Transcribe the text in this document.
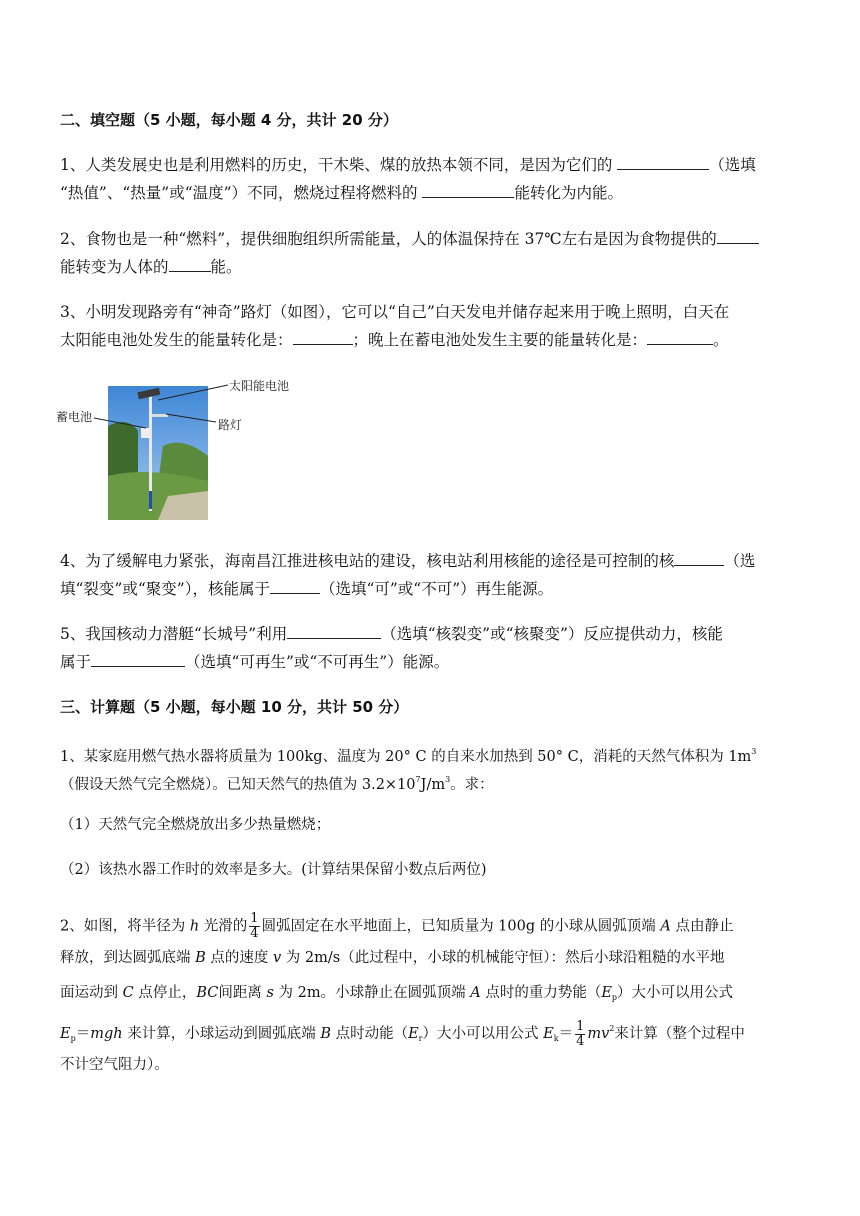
二、填空题（5 小题，每小题 4 分，共计 20 分）
1、人类发展史也是利用燃料的历史，干木柴、煤的放热本领不同，是因为它们的	（选填
“热值”、“热量”或“温度”）不同，燃烧过程将燃料的	能转化为内能。
2、食物也是一种“燃料”，提供细胞组织所需能量，人的体温保持在 37℃左右是因为食物提供的
能转变为人体的	能。
3、小明发现路旁有“神奇”路灯（如图），它可以“自己”白天发电并储存起来用于晚上照明，白天在
太阳能电池处发生的能量转化是：	；晚上在蓄电池处发生主要的能量转化是：	。
太阳能电池
蓄电池
路灯
4、为了缓解电力紧张，海南昌江推进核电站的建设，核电站利用核能的途径是可控制的核	（选
填“裂变”或“聚变”），核能属于	（选填“可”或“不可”）再生能源。
5、我国核动力潜艇“长城号”利用	（选填“核裂变”或“核聚变”）反应提供动力，核能
属于	（选填“可再生”或“不可再生”）能源。
三、计算题（5 小题，每小题 10 分，共计 50 分）
1、某家庭用燃气热水器将质量为 100kg、温度为 20° C 的自来水加热到 50° C，消耗的天然气体积为 $1m^3$
（假设天然气完全燃烧）。已知天然气的热值为 $3.2\times 10^7J/m^3$。求：
（1）天然气完全燃烧放出多少热量燃烧；
（2）该热水器工作时的效率是多大。(计算结果保留小数点后两位)
2、如图，将半径为 h 光滑的 $\frac{1}{4}$ 圆弧固定在水平地面上，已知质量为 100g 的小球从圆弧顶端 A 点由静止
释放，到达圆弧底端 B 点的速度 v 为 2m/s（此过程中，小球的机械能守恒）：然后小球沿粗糙的水平地
面运动到 C 点停止，BC间距离 s 为 2m。小球静止在圆弧顶端 A 点时的重力势能$(E_p)$大小可以用公式
$E_p=mgh$ 来计算，小球运动到圆弧底端 B 点时动能$(E_r)$大小可以用公式 $E_k= \frac{1}{4} mv^2$来计算（整个过程中
不计空气阻力）。
